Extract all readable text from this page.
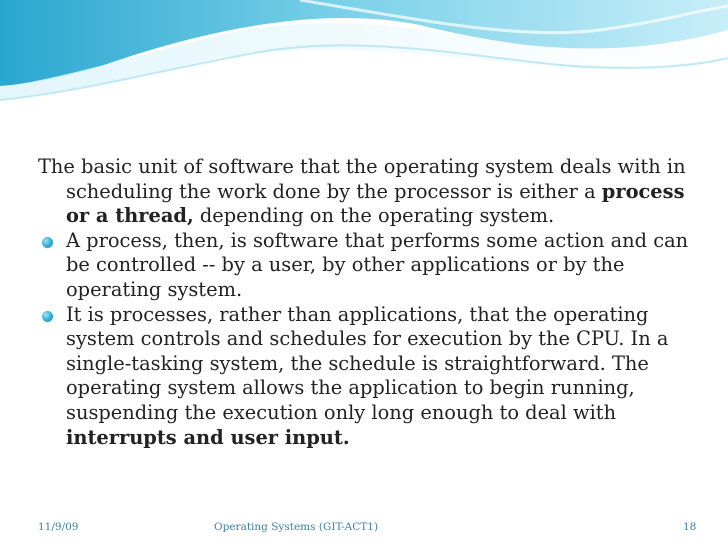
The basic unit of software that the operating system deals with in scheduling the work done by the processor is either a process or a thread, depending on the operating system.

A process, then, is software that performs some action and can be controlled -- by a user, by other applications or by the operating system.

It is processes, rather than applications, that the operating system controls and schedules for execution by the CPU. In a single-tasking system, the schedule is straightforward. The operating system allows the application to begin running, suspending the execution only long enough to deal with interrupts and user input.

11/9/09	Operating Systems (GIT-ACT1)	18
